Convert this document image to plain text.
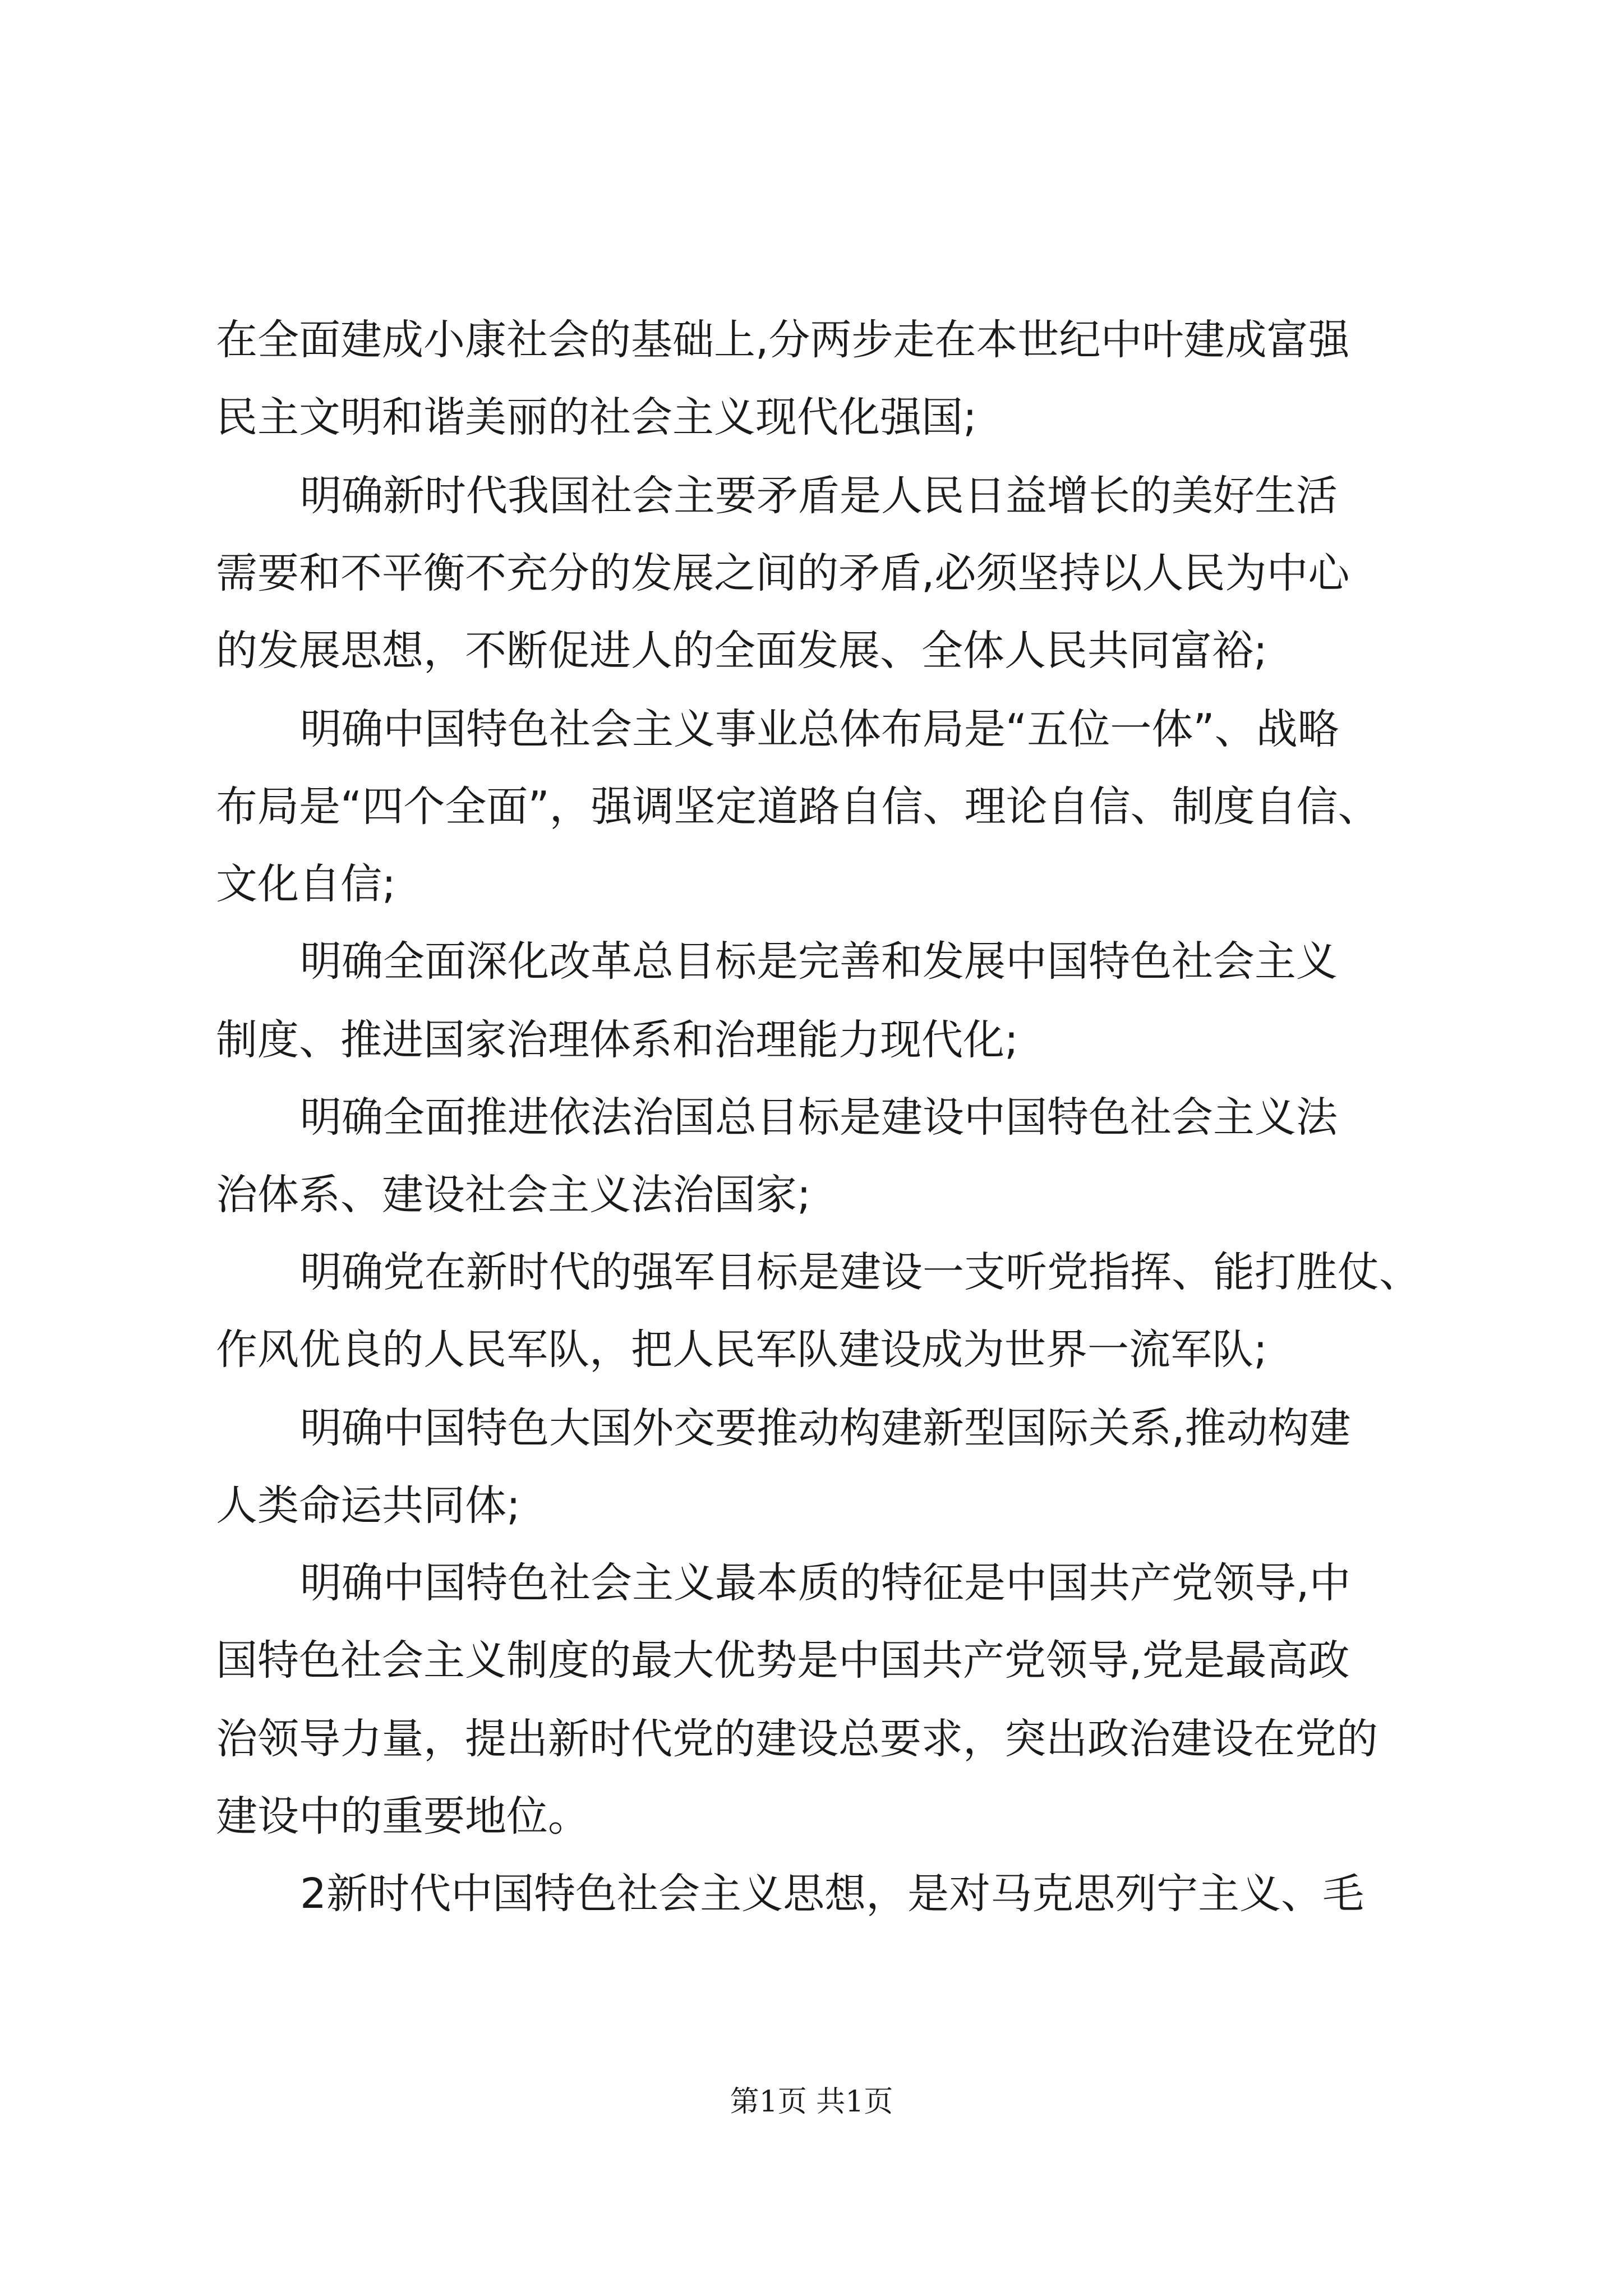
在全面建成小康社会的基础上,分两步走在本世纪中叶建成富强
民主文明和谐美丽的社会主义现代化强国;
明确新时代我国社会主要矛盾是人民日益增长的美好生活
需要和不平衡不充分的发展之间的矛盾,必须坚持以人民为中心
的发展思想，不断促进人的全面发展、全体人民共同富裕;
明确中国特色社会主义事业总体布局是“五位一体”、战略
布局是“四个全面”，强调坚定道路自信、理论自信、制度自信、
文化自信;
明确全面深化改革总目标是完善和发展中国特色社会主义
制度、推进国家治理体系和治理能力现代化;
明确全面推进依法治国总目标是建设中国特色社会主义法
治体系、建设社会主义法治国家;
明确党在新时代的强军目标是建设一支听党指挥、能打胜仗、
作风优良的人民军队，把人民军队建设成为世界一流军队;
明确中国特色大国外交要推动构建新型国际关系,推动构建
人类命运共同体;
明确中国特色社会主义最本质的特征是中国共产党领导,中
国特色社会主义制度的最大优势是中国共产党领导,党是最高政
治领导力量，提出新时代党的建设总要求，突出政治建设在党的
建设中的重要地位。
2新时代中国特色社会主义思想，是对马克思列宁主义、毛
第1页 共1页
